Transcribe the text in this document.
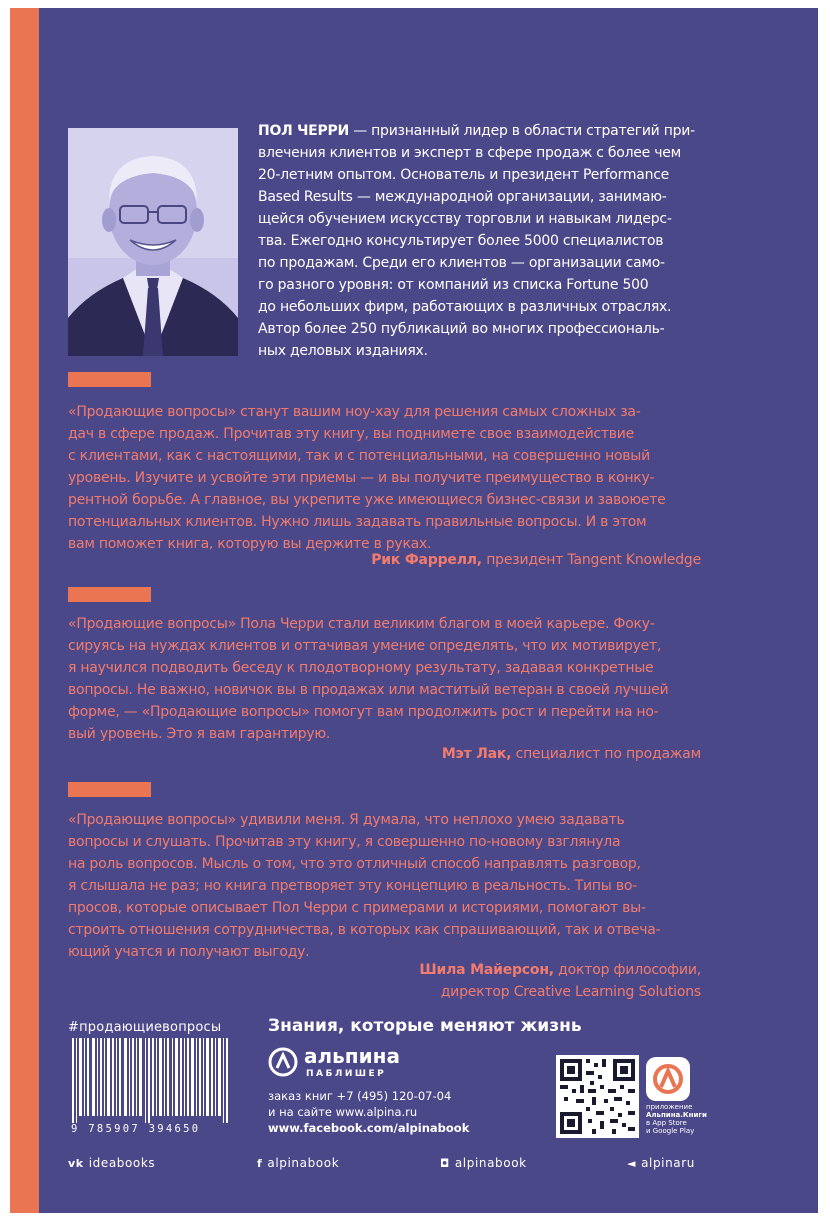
ПОЛ ЧЕРРИ — признанный лидер в области стратегий при-
влечения клиентов и эксперт в сфере продаж с более чем
20-летним опытом. Основатель и президент Performance
Based Results — международной организации, занимаю-
щейся обучением искусству торговли и навыкам лидерс-
тва. Ежегодно консультирует более 5000 специалистов
по продажам. Среди его клиентов — организации само-
го разного уровня: от компаний из списка Fortune 500
до небольших фирм, работающих в различных отраслях.
Автор более 250 публикаций во многих профессиональ-
ных деловых изданиях.
«Продающие вопросы» станут вашим ноу-хау для решения самых сложных за-
дач в сфере продаж. Прочитав эту книгу, вы поднимете свое взаимодействие
с клиентами, как с настоящими, так и с потенциальными, на совершенно новый
уровень. Изучите и усвойте эти приемы — и вы получите преимущество в конку-
рентной борьбе. А главное, вы укрепите уже имеющиеся бизнес-связи и завоюете
потенциальных клиентов. Нужно лишь задавать правильные вопросы. И в этом
вам поможет книга, которую вы держите в руках.
Рик Фаррелл, президент Tangent Knowledge
«Продающие вопросы» Пола Черри стали великим благом в моей карьере. Фоку-
сируясь на нуждах клиентов и оттачивая умение определять, что их мотивирует,
я научился подводить беседу к плодотворному результату, задавая конкретные
вопросы. Не важно, новичок вы в продажах или маститый ветеран в своей лучшей
форме, — «Продающие вопросы» помогут вам продолжить рост и перейти на но-
вый уровень. Это я вам гарантирую.
Мэт Лак, специалист по продажам
«Продающие вопросы» удивили меня. Я думала, что неплохо умею задавать
вопросы и слушать. Прочитав эту книгу, я совершенно по-новому взглянула
на роль вопросов. Мысль о том, что это отличный способ направлять разговор,
я слышала не раз; но книга претворяет эту концепцию в реальность. Типы во-
просов, которые описывает Пол Черри с примерами и историями, помогают вы-
строить отношения сотрудничества, в которых как спрашивающий, так и отвеча-
ющий учатся и получают выгоду.
Шила Майерсон, доктор философии,
директор Creative Learning Solutions
#продающиевопросы
9 785907 394650
Знания, которые меняют жизнь
альпина
ПАБЛИШЕР
заказ книг +7 (495) 120-07-04
и на сайте www.alpina.ru
www.facebook.com/alpinabook
приложение
Альпина.Книги
в App Store
и Google Play
vk ideabooks	f alpinabook	◘ alpinabook	◄ alpinaru
